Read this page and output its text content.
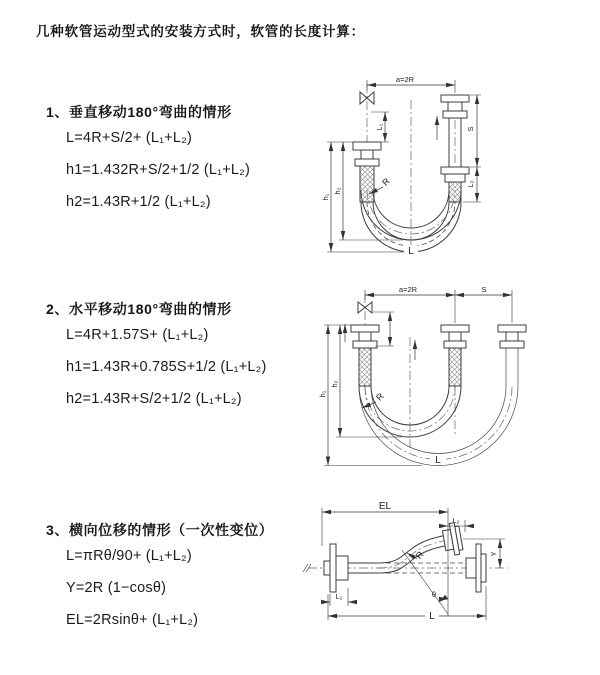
几种软管运动型式的安装方式时，软管的长度计算：
1、垂直移动180°弯曲的情形
L=4R+S/2+ (L₁+L₂)
h1=1.432R+S/2+1/2 (L₁+L₂)
h2=1.43R+1/2 (L₁+L₂)
2、水平移动180°弯曲的情形
L=4R+1.57S+ (L₁+L₂)
h1=1.43R+0.785S+1/2 (L₁+L₂)
h2=1.43R+S/2+1/2 (L₁+L₂)
3、横向位移的情形（一次性变位）
L=πRθ/90+ (L₁+L₂)
Y=2R (1−cosθ)
EL=2Rsinθ+ (L₁+L₂)
a=2R
L₁	S
L₂
h₁
h₂
R
L
a=2R	S
h₁
h₂
R
L
θ
EL
L₂
Y
R
L
L₁
